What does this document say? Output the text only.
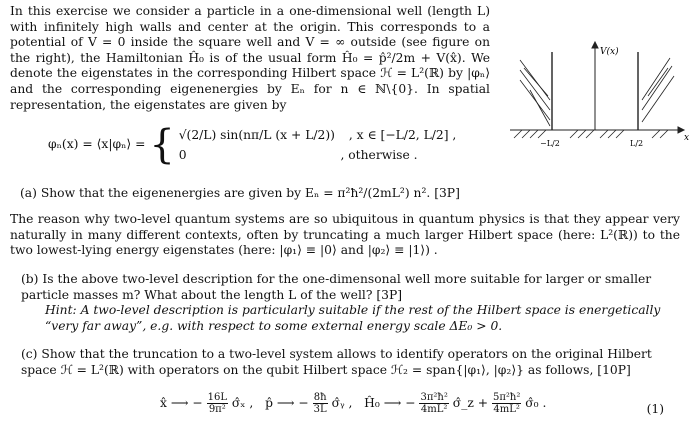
In this exercise we consider a particle in a one-dimensional well (length L) with infinitely high walls and center at the origin. This corresponds to a potential of V = 0 inside the square well and V = ∞ outside (see figure on the right), the Hamiltonian Ĥ₀ is of the usual form Ĥ₀ = p̂²/2m + V(x̂). We denote the eigenstates in the corresponding Hilbert space ℋ = L²(ℝ) by |φₙ⟩ and the corresponding eigenenergies by Eₙ for n ∈ ℕ\{0}. In spatial representation, the eigenstates are given by

V(x)
x
−L/2	L/2
φₙ(x) = ⟨x|φₙ⟩ = { √(2/L) sin(nπ/L (x + L/2)) , x ∈ [−L/2, L/2] ,
0	, otherwise .

(a) Show that the eigenenergies are given by Eₙ = π²ħ²/(2mL²) n². [3P]

The reason why two-level quantum systems are so ubiquitous in quantum physics is that they appear very naturally in many different contexts, often by truncating a much larger Hilbert space (here: L²(ℝ)) to the two lowest-lying energy eigenstates (here: |φ₁⟩ ≡ |0⟩ and |φ₂⟩ ≡ |1⟩) .

(b) Is the above two-level description for the one-dimensonal well more suitable for larger or smaller particle masses m? What about the length L of the well? [3P]
Hint: A two-level description is particularly suitable if the rest of the Hilbert space is energetically “very far away”, e.g. with respect to some external energy scale ΔE₀ > 0.

(c) Show that the truncation to a two-level system allows to identify operators on the original Hilbert space ℋ = L²(ℝ) with operators on the qubit Hilbert space ℋ₂ = span{|φ₁⟩, |φ₂⟩} as follows, [10P]

x̂ ⟶ − $\frac{16L}{\text{9π²}}$ σ̂ₓ , p̂ ⟶ − $\frac{8ħ}{3L}$ σ̂ᵧ , Ĥ₀ ⟶ − $\frac{\text{3π²ħ²}}{\text{4mL²}}$ σ̂_z + $\frac{\text{5π²ħ²}}{\text{4mL²}}$ σ̂₀ .	(1)
